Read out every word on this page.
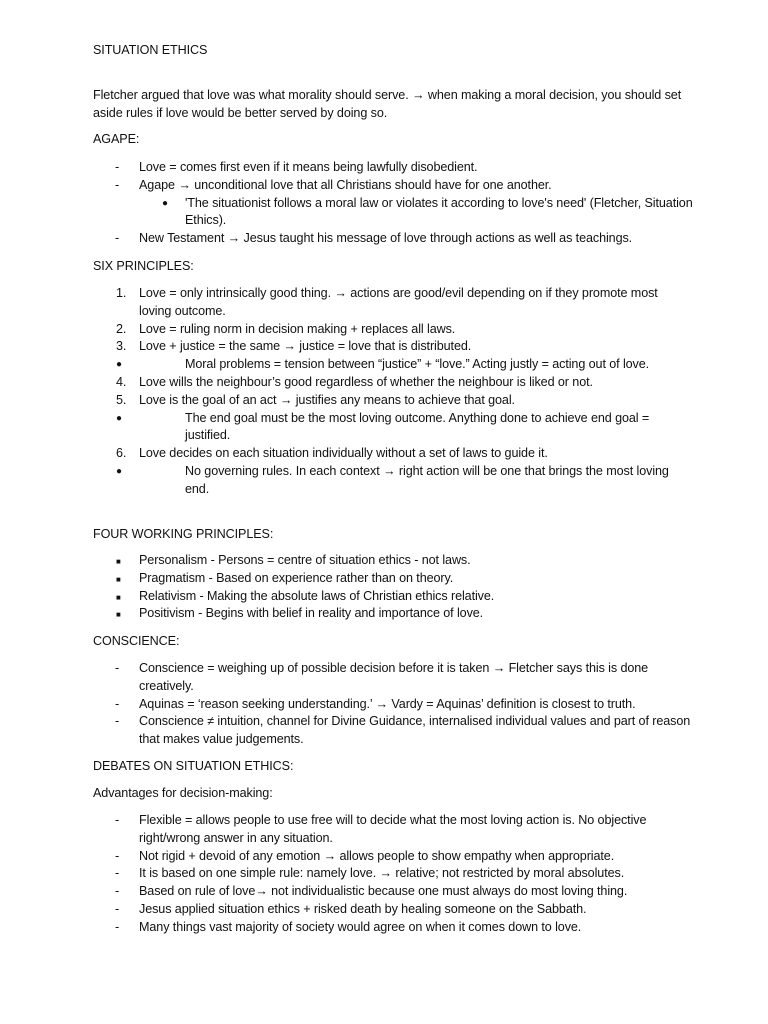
SITUATION ETHICS
Fletcher argued that love was what morality should serve. → when making a moral decision, you should set aside rules if love would be better served by doing so.
AGAPE:
-	Love = comes first even if it means being lawfully disobedient.
-	Agape → unconditional love that all Christians should have for one another.
● 'The situationist follows a moral law or violates it according to love's need' (Fletcher, Situation Ethics).
-	New Testament → Jesus taught his message of love through actions as well as teachings.
SIX PRINCIPLES:
1.	Love = only intrinsically good thing. → actions are good/evil depending on if they promote most loving outcome.
2.	Love = ruling norm in decision making + replaces all laws.
3.	Love + justice = the same → justice = love that is distributed.
●	Moral problems = tension between “justice” + “love.” Acting justly = acting out of love.
4.	Love wills the neighbour’s good regardless of whether the neighbour is liked or not.
5.	Love is the goal of an act → justifies any means to achieve that goal.
●	The end goal must be the most loving outcome. Anything done to achieve end goal = justified.
6.	Love decides on each situation individually without a set of laws to guide it.
●	No governing rules. In each context → right action will be one that brings the most loving end.
FOUR WORKING PRINCIPLES:
■	Personalism - Persons = centre of situation ethics - not laws.
■	Pragmatism - Based on experience rather than on theory.
■	Relativism - Making the absolute laws of Christian ethics relative.
■	Positivism - Begins with belief in reality and importance of love.
CONSCIENCE:
-	Conscience = weighing up of possible decision before it is taken → Fletcher says this is done creatively.
-	Aquinas = ‘reason seeking understanding.’ → Vardy = Aquinas’ definition is closest to truth.
-	Conscience ≠ intuition, channel for Divine Guidance, internalised individual values and part of reason that makes value judgements.
DEBATES ON SITUATION ETHICS:
Advantages for decision-making:
-	Flexible = allows people to use free will to decide what the most loving action is. No objective right/wrong answer in any situation.
-	Not rigid + devoid of any emotion → allows people to show empathy when appropriate.
-	It is based on one simple rule: namely love. → relative; not restricted by moral absolutes.
-	Based on rule of love→ not individualistic because one must always do most loving thing.
-	Jesus applied situation ethics + risked death by healing someone on the Sabbath.
-	Many things vast majority of society would agree on when it comes down to love.
